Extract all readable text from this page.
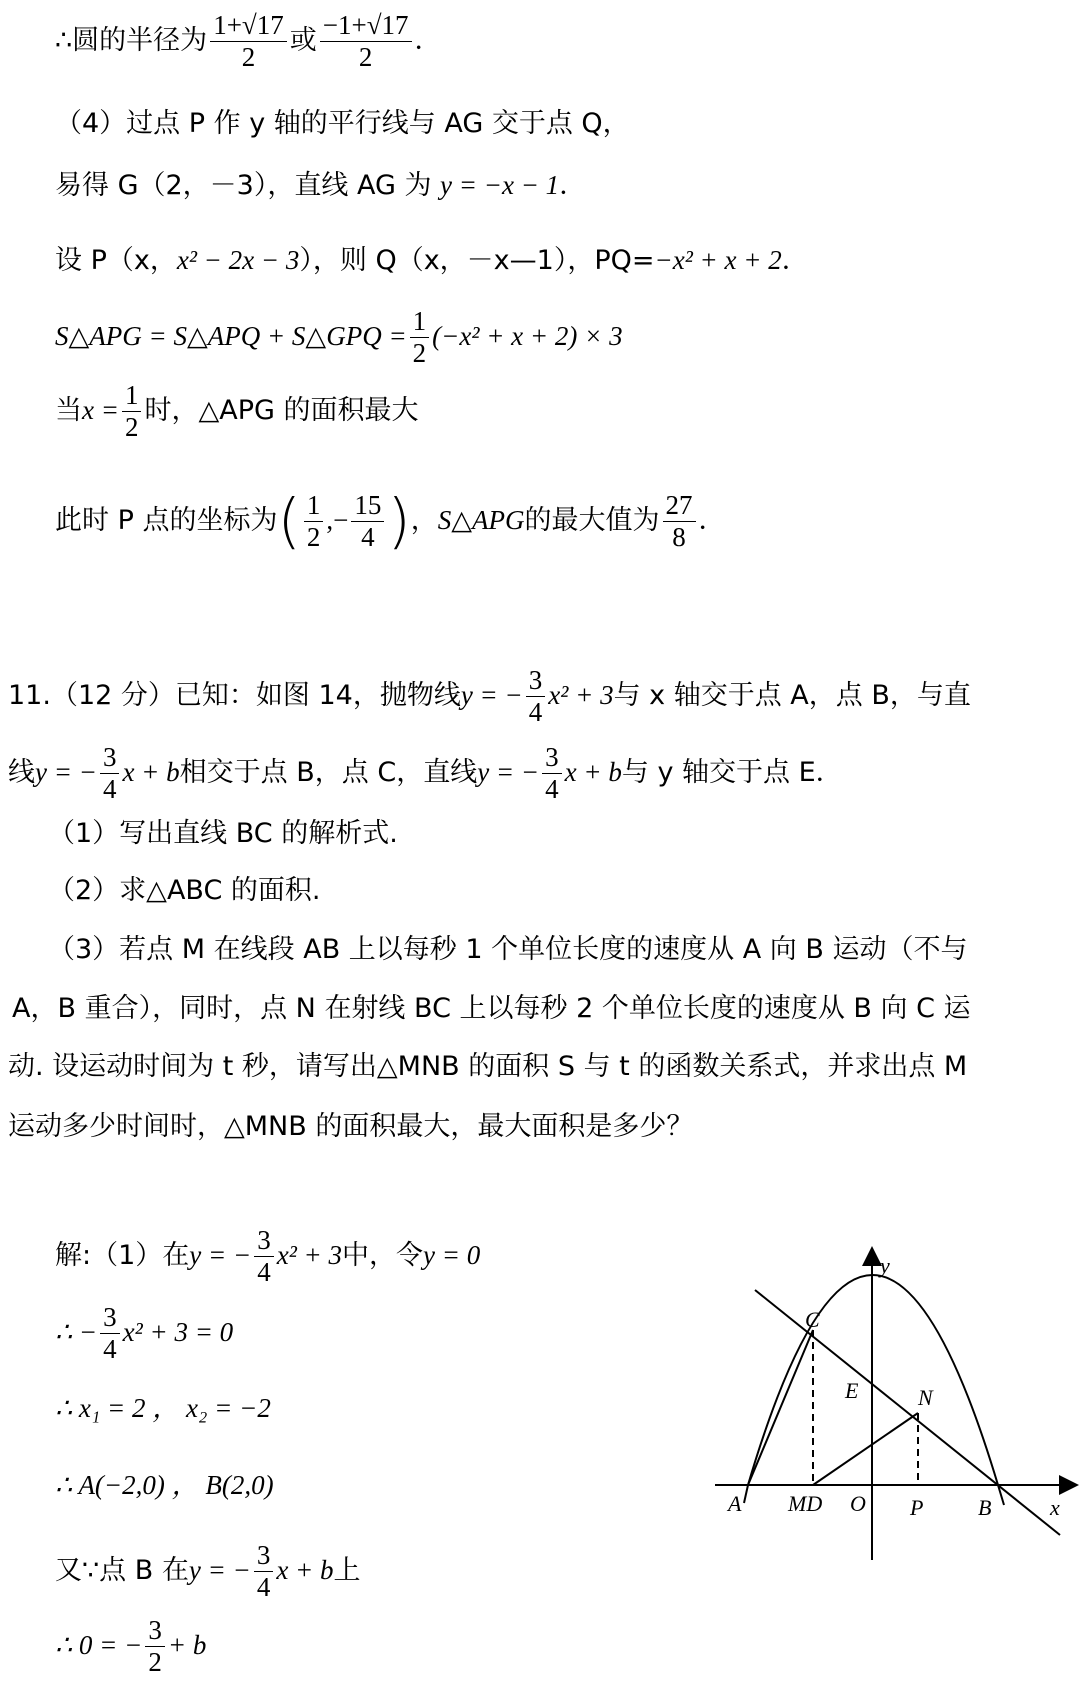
∴圆的半径为 $\frac{1+√17}{2}$ 或 $\frac{-1+√17}{2}$ ．
（4）过点 P 作 y 轴的平行线与 AG 交于点 Q，
易得 G（2，－3），直线 AG 为 y = −x − 1．
设 P（x，x² − 2x − 3），则 Q（x，－x—1），PQ=−x² + x + 2．
S△APG = S△APQ + S△GPQ = $\frac{1}{2} (-x^2 + x + 2) \times 3$
当$x = \frac{1}{2}$ 时，△APG 的面积最大
此时 P 点的坐标为( $\frac{1}{2}$ ,− $\frac{15}{4}$ )，S△APG的最大值为 $\frac{27}{8}$ ．
11.（12 分）已知：如图 14，抛物线y = − $\frac{3}{4} x^2 + 3$与 x 轴交于点 A，点 B，与直
线y = − $\frac{3}{4}$ x + b相交于点 B，点 C，直线y = − $\frac{3}{4}$ x + b与 y 轴交于点 E．
（1）写出直线 BC 的解析式.
（2）求△ABC 的面积.
（3）若点 M 在线段 AB 上以每秒 1 个单位长度的速度从 A 向 B 运动（不与
A，B 重合），同时，点 N 在射线 BC 上以每秒 2 个单位长度的速度从 B 向 C 运
动. 设运动时间为 t 秒，请写出△MNB 的面积 S 与 t 的函数关系式，并求出点 M
运动多少时间时，△MNB 的面积最大，最大面积是多少？
解:（1）在y = − $\frac{3}{4} x^2 + 3$中，令y = 0
∴ − $\frac{3}{4} x^2 + 3 = 0$
∴ x₁ = 2 ， x₂ = −2
∴ A(−2,0) ， B(2,0)
又∵点 B 在y = − $\frac{3}{4}$ x + b上
∴ 0 = − $\frac{3}{2} + b$
y
x
C
E	N
A MD O P B
